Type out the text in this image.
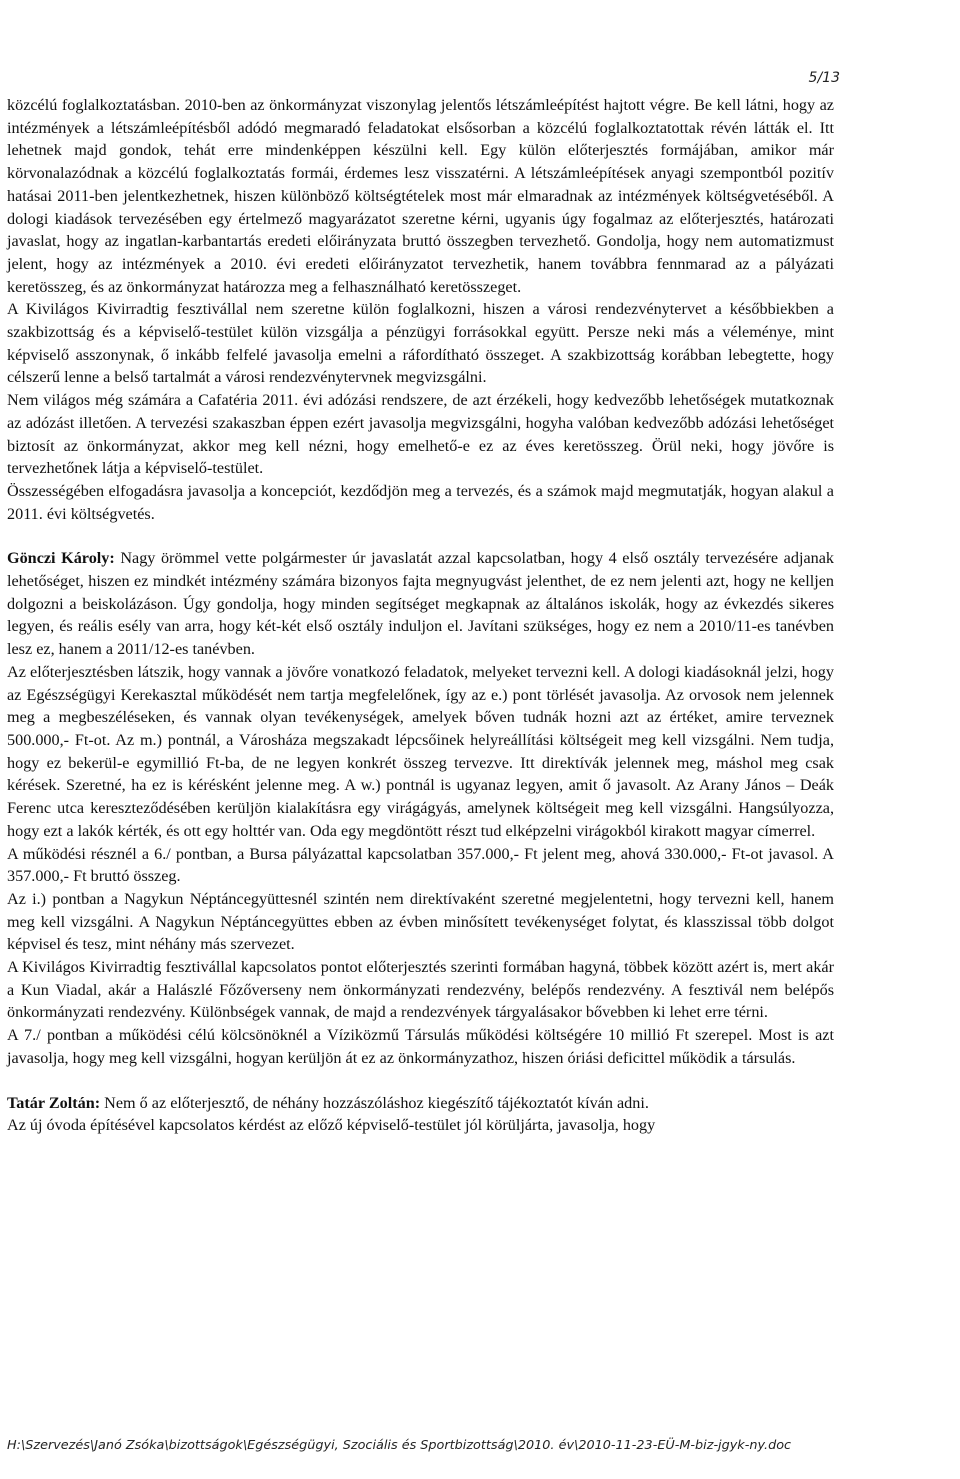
5/13

közcélú foglalkoztatásban. 2010-ben az önkormányzat viszonylag jelentős létszámleépítést hajtott végre. Be kell látni, hogy az intézmények a létszámleépítésből adódó megmaradó feladatokat elsősorban a közcélú foglalkoztatottak révén látták el. Itt lehetnek majd gondok, tehát erre mindenképpen készülni kell. Egy külön előterjesztés formájában, amikor már körvonalazódnak a közcélú foglalkoztatás formái, érdemes lesz visszatérni. A létszámleépítések anyagi szempontból pozitív hatásai 2011-ben jelentkezhetnek, hiszen különböző költségtételek most már elmaradnak az intézmények költségvetéséből. A dologi kiadások tervezésében egy értelmező magyarázatot szeretne kérni, ugyanis úgy fogalmaz az előterjesztés, határozati javaslat, hogy az ingatlan-karbantartás eredeti előirányzata bruttó összegben tervezhető. Gondolja, hogy nem automatizmust jelent, hogy az intézmények a 2010. évi eredeti előirányzatot tervezhetik, hanem továbbra fennmarad az a pályázati keretösszeg, és az önkormányzat határozza meg a felhasználható keretösszeget.

A Kivilágos Kivirradtig fesztivállal nem szeretne külön foglalkozni, hiszen a városi rendezvénytervet a későbbiekben a szakbizottság és a képviselő-testület külön vizsgálja a pénzügyi forrásokkal együtt. Persze neki más a véleménye, mint képviselő asszonynak, ő inkább felfelé javasolja emelni a ráfordítható összeget. A szakbizottság korábban lebegtette, hogy célszerű lenne a belső tartalmát a városi rendezvénytervnek megvizsgálni.

Nem világos még számára a Cafatéria 2011. évi adózási rendszere, de azt érzékeli, hogy kedvezőbb lehetőségek mutatkoznak az adózást illetően. A tervezési szakaszban éppen ezért javasolja megvizsgálni, hogyha valóban kedvezőbb adózási lehetőséget biztosít az önkormányzat, akkor meg kell nézni, hogy emelhető-e ez az éves keretösszeg. Örül neki, hogy jövőre is tervezhetőnek látja a képviselő-testület.

Összességében elfogadásra javasolja a koncepciót, kezdődjön meg a tervezés, és a számok majd megmutatják, hogyan alakul a 2011. évi költségvetés.

Gönczi Károly: Nagy örömmel vette polgármester úr javaslatát azzal kapcsolatban, hogy 4 első osztály tervezésére adjanak lehetőséget, hiszen ez mindkét intézmény számára bizonyos fajta megnyugvást jelenthet, de ez nem jelenti azt, hogy ne kelljen dolgozni a beiskolázáson. Úgy gondolja, hogy minden segítséget megkapnak az általános iskolák, hogy az évkezdés sikeres legyen, és reális esély van arra, hogy két-két első osztály induljon el. Javítani szükséges, hogy ez nem a 2010/11-es tanévben lesz ez, hanem a 2011/12-es tanévben.

Az előterjesztésben látszik, hogy vannak a jövőre vonatkozó feladatok, melyeket tervezni kell. A dologi kiadásoknál jelzi, hogy az Egészségügyi Kerekasztal működését nem tartja megfelelőnek, így az e.) pont törlését javasolja. Az orvosok nem jelennek meg a megbeszéléseken, és vannak olyan tevékenységek, amelyek bőven tudnák hozni azt az értéket, amire terveznek 500.000,- Ft-ot. Az m.) pontnál, a Városháza megszakadt lépcsőinek helyreállítási költségeit meg kell vizsgálni. Nem tudja, hogy ez bekerül-e egymillió Ft-ba, de ne legyen konkrét összeg tervezve. Itt direktívák jelennek meg, máshol meg csak kérések. Szeretné, ha ez is kérésként jelenne meg. A w.) pontnál is ugyanaz legyen, amit ő javasolt. Az Arany János – Deák Ferenc utca kereszteződésében kerüljön kialakításra egy virágágyás, amelynek költségeit meg kell vizsgálni. Hangsúlyozza, hogy ezt a lakók kérték, és ott egy holttér van. Oda egy megdöntött részt tud elképzelni virágokból kirakott magyar címerrel.

A működési résznél a 6./ pontban, a Bursa pályázattal kapcsolatban 357.000,- Ft jelent meg, ahová 330.000,- Ft-ot javasol. A 357.000,- Ft bruttó összeg.

Az i.) pontban a Nagykun Néptáncegyüttesnél szintén nem direktívaként szeretné megjelentetni, hogy tervezni kell, hanem meg kell vizsgálni. A Nagykun Néptáncegyüttes ebben az évben minősített tevékenységet folytat, és klasszissal több dolgot képvisel és tesz, mint néhány más szervezet.

A Kivilágos Kivirradtig fesztivállal kapcsolatos pontot előterjesztés szerinti formában hagyná, többek között azért is, mert akár a Kun Viadal, akár a Halászlé Főzőverseny nem önkormányzati rendezvény, belépős rendezvény. A fesztivál nem belépős önkormányzati rendezvény. Különbségek vannak, de majd a rendezvények tárgyalásakor bővebben ki lehet erre térni.

A 7./ pontban a működési célú kölcsönöknél a Víziközmű Társulás működési költségére 10 millió Ft szerepel. Most is azt javasolja, hogy meg kell vizsgálni, hogyan kerüljön át ez az önkormányzathoz, hiszen óriási deficittel működik a társulás.

Tatár Zoltán: Nem ő az előterjesztő, de néhány hozzászóláshoz kiegészítő tájékoztatót kíván adni.

Az új óvoda építésével kapcsolatos kérdést az előző képviselő-testület jól körüljárta, javasolja, hogy

H:\Szervezés\Janó Zsóka\bizottságok\Egészségügyi, Szociális és Sportbizottság\2010. év\2010-11-23-EÜ-M-biz-jgyk-ny.doc
